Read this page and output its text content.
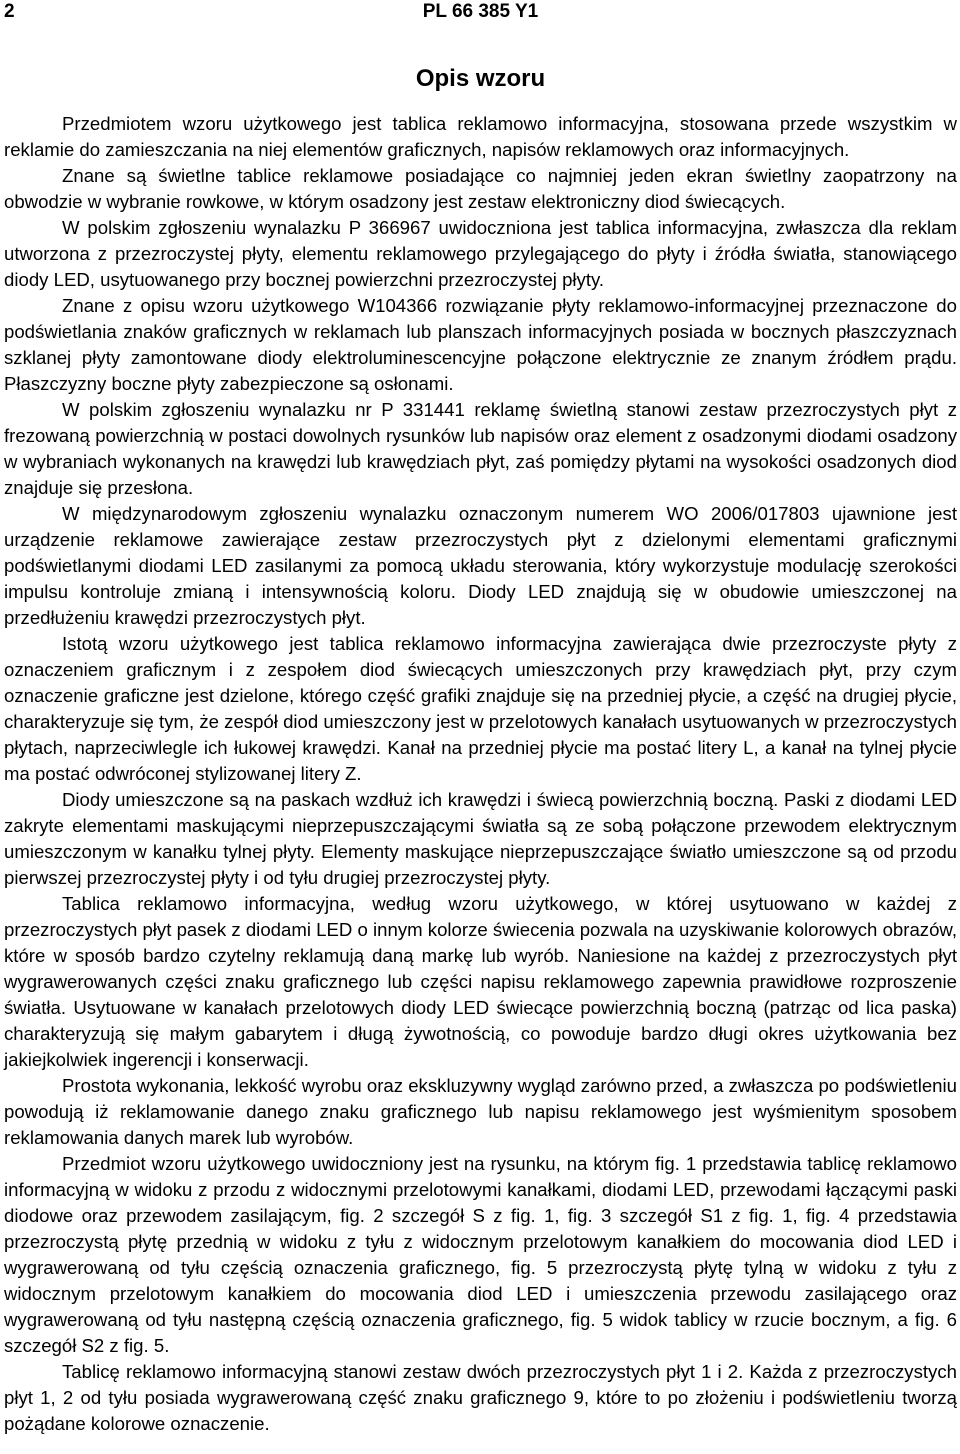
2	PL 66 385 Y1
Opis wzoru

Przedmiotem wzoru użytkowego jest tablica reklamowo informacyjna, stosowana przede wszystkim w reklamie do zamieszczania na niej elementów graficznych, napisów reklamowych oraz informacyjnych.

Znane są świetlne tablice reklamowe posiadające co najmniej jeden ekran świetlny zaopatrzony na obwodzie w wybranie rowkowe, w którym osadzony jest zestaw elektroniczny diod świecących.

W polskim zgłoszeniu wynalazku P 366967 uwidoczniona jest tablica informacyjna, zwłaszcza dla reklam utworzona z przezroczystej płyty, elementu reklamowego przylegającego do płyty i źródła światła, stanowiącego diody LED, usytuowanego przy bocznej powierzchni przezroczystej płyty.

Znane z opisu wzoru użytkowego W104366 rozwiązanie płyty reklamowo-informacyjnej przeznaczone do podświetlania znaków graficznych w reklamach lub planszach informacyjnych posiada w bocznych płaszczyznach szklanej płyty zamontowane diody elektroluminescencyjne połączone elektrycznie ze znanym źródłem prądu. Płaszczyzny boczne płyty zabezpieczone są osłonami.

W polskim zgłoszeniu wynalazku nr P 331441 reklamę świetlną stanowi zestaw przezroczystych płyt z frezowaną powierzchnią w postaci dowolnych rysunków lub napisów oraz element z osadzonymi diodami osadzony w wybraniach wykonanych na krawędzi lub krawędziach płyt, zaś pomiędzy płytami na wysokości osadzonych diod znajduje się przesłona.

W międzynarodowym zgłoszeniu wynalazku oznaczonym numerem WO 2006/017803 ujawnione jest urządzenie reklamowe zawierające zestaw przezroczystych płyt z dzielonymi elementami graficznymi podświetlanymi diodami LED zasilanymi za pomocą układu sterowania, który wykorzystuje modulację szerokości impulsu kontroluje zmianą i intensywnością koloru. Diody LED znajdują się w obudowie umieszczonej na przedłużeniu krawędzi przezroczystych płyt.

Istotą wzoru użytkowego jest tablica reklamowo informacyjna zawierająca dwie przezroczyste płyty z oznaczeniem graficznym i z zespołem diod świecących umieszczonych przy krawędziach płyt, przy czym oznaczenie graficzne jest dzielone, którego część grafiki znajduje się na przedniej płycie, a część na drugiej płycie, charakteryzuje się tym, że zespół diod umieszczony jest w przelotowych kanałach usytuowanych w przezroczystych płytach, naprzeciwlegle ich łukowej krawędzi. Kanał na przedniej płycie ma postać litery L, a kanał na tylnej płycie ma postać odwróconej stylizowanej litery Z.

Diody umieszczone są na paskach wzdłuż ich krawędzi i świecą powierzchnią boczną. Paski z diodami LED zakryte elementami maskującymi nieprzepuszczającymi światła są ze sobą połączone przewodem elektrycznym umieszczonym w kanałku tylnej płyty. Elementy maskujące nieprzepuszczające światło umieszczone są od przodu pierwszej przezroczystej płyty i od tyłu drugiej przezroczystej płyty.

Tablica reklamowo informacyjna, według wzoru użytkowego, w której usytuowano w każdej z przezroczystych płyt pasek z diodami LED o innym kolorze świecenia pozwala na uzyskiwanie kolorowych obrazów, które w sposób bardzo czytelny reklamują daną markę lub wyrób. Naniesione na każdej z przezroczystych płyt wygrawerowanych części znaku graficznego lub części napisu reklamowego zapewnia prawidłowe rozproszenie światła. Usytuowane w kanałach przelotowych diody LED świecące powierzchnią boczną (patrząc od lica paska) charakteryzują się małym gabarytem i długą żywotnością, co powoduje bardzo długi okres użytkowania bez jakiejkolwiek ingerencji i konserwacji.

Prostota wykonania, lekkość wyrobu oraz ekskluzywny wygląd zarówno przed, a zwłaszcza po podświetleniu powodują iż reklamowanie danego znaku graficznego lub napisu reklamowego jest wyśmienitym sposobem reklamowania danych marek lub wyrobów.

Przedmiot wzoru użytkowego uwidoczniony jest na rysunku, na którym fig. 1 przedstawia tablicę reklamowo informacyjną w widoku z przodu z widocznymi przelotowymi kanałkami, diodami LED, przewodami łączącymi paski diodowe oraz przewodem zasilającym, fig. 2 szczegół S z fig. 1, fig. 3 szczegół S1 z fig. 1, fig. 4 przedstawia przezroczystą płytę przednią w widoku z tyłu z widocznym przelotowym kanałkiem do mocowania diod LED i wygrawerowaną od tyłu częścią oznaczenia graficznego, fig. 5 przezroczystą płytę tylną w widoku z tyłu z widocznym przelotowym kanałkiem do mocowania diod LED i umieszczenia przewodu zasilającego oraz wygrawerowaną od tyłu następną częścią oznaczenia graficznego, fig. 5 widok tablicy w rzucie bocznym, a fig. 6 szczegół S2 z fig. 5.

Tablicę reklamowo informacyjną stanowi zestaw dwóch przezroczystych płyt 1 i 2. Każda z przezroczystych płyt 1, 2 od tyłu posiada wygrawerowaną część znaku graficznego 9, które to po złożeniu i podświetleniu tworzą pożądane kolorowe oznaczenie.
